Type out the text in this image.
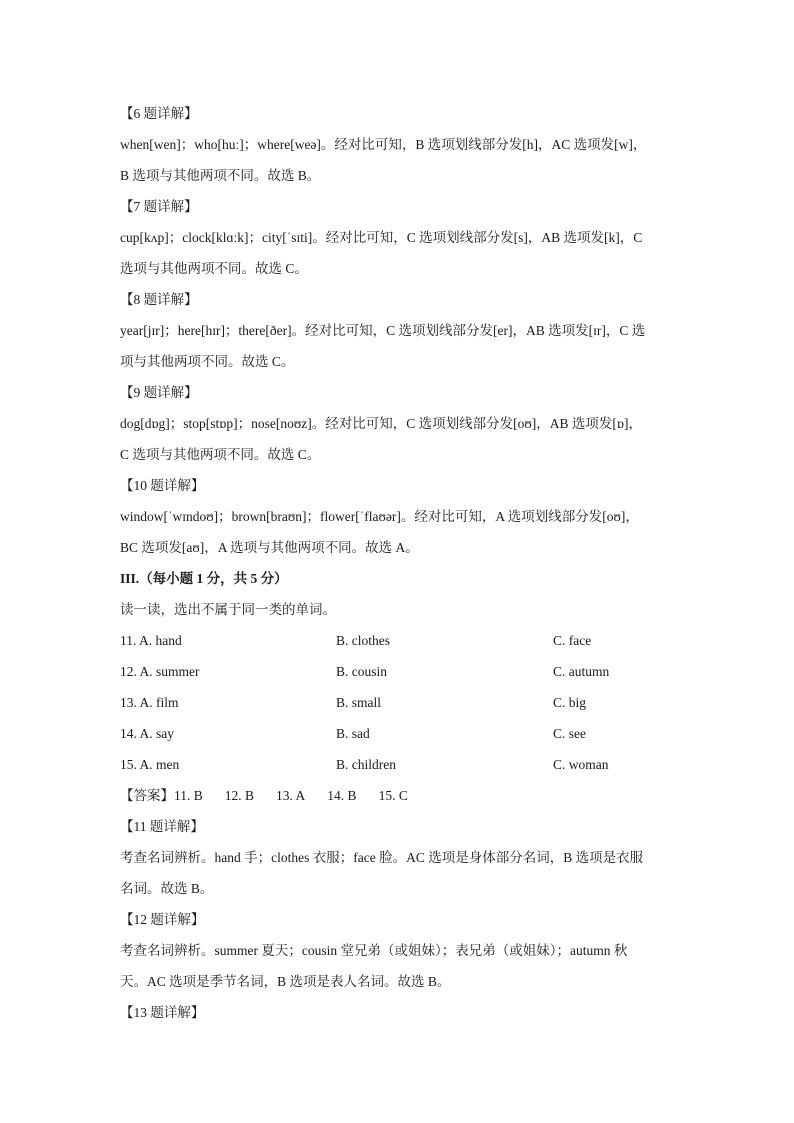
【6 题详解】
when[wen]；who[huː]；where[weə]。经对比可知，B 选项划线部分发[h]，AC 选项发[w]，
B 选项与其他两项不同。故选 B。
【7 题详解】
cup[kʌp]；clock[klɑːk]；city[ˈsɪti]。经对比可知，C 选项划线部分发[s]，AB 选项发[k]，C
选项与其他两项不同。故选 C。
【8 题详解】
year[jɪr]；here[hɪr]；there[ðer]。经对比可知，C 选项划线部分发[er]，AB 选项发[ɪr]，C 选
项与其他两项不同。故选 C。
【9 题详解】
dog[dɒg]；stop[stɒp]；nose[noʊz]。经对比可知，C 选项划线部分发[oʊ]，AB 选项发[ɒ]，
C 选项与其他两项不同。故选 C。
【10 题详解】
window[ˈwɪndoʊ]；brown[braʊn]；flower[ˈflaʊər]。经对比可知，A 选项划线部分发[oʊ]，
BC 选项发[aʊ]，A 选项与其他两项不同。故选 A。
III.（每小题 1 分，共 5 分）
读一读，选出不属于同一类的单词。
11. A. hand	B. clothes	C. face
12. A. summer	B. cousin	C. autumn
13. A. film	B. small	C. big
14. A. say	B. sad	C. see
15. A. men	B. children	C. woman
【答案】 11. B 12. B 13. A 14. B 15. C
【11 题详解】
考查名词辨析。hand 手；clothes 衣服；face 脸。AC 选项是身体部分名词，B 选项是衣服
名词。故选 B。
【12 题详解】
考查名词辨析。summer 夏天；cousin 堂兄弟（或姐妹）；表兄弟（或姐妹）；autumn 秋
天。AC 选项是季节名词，B 选项是表人名词。故选 B。
【13 题详解】
